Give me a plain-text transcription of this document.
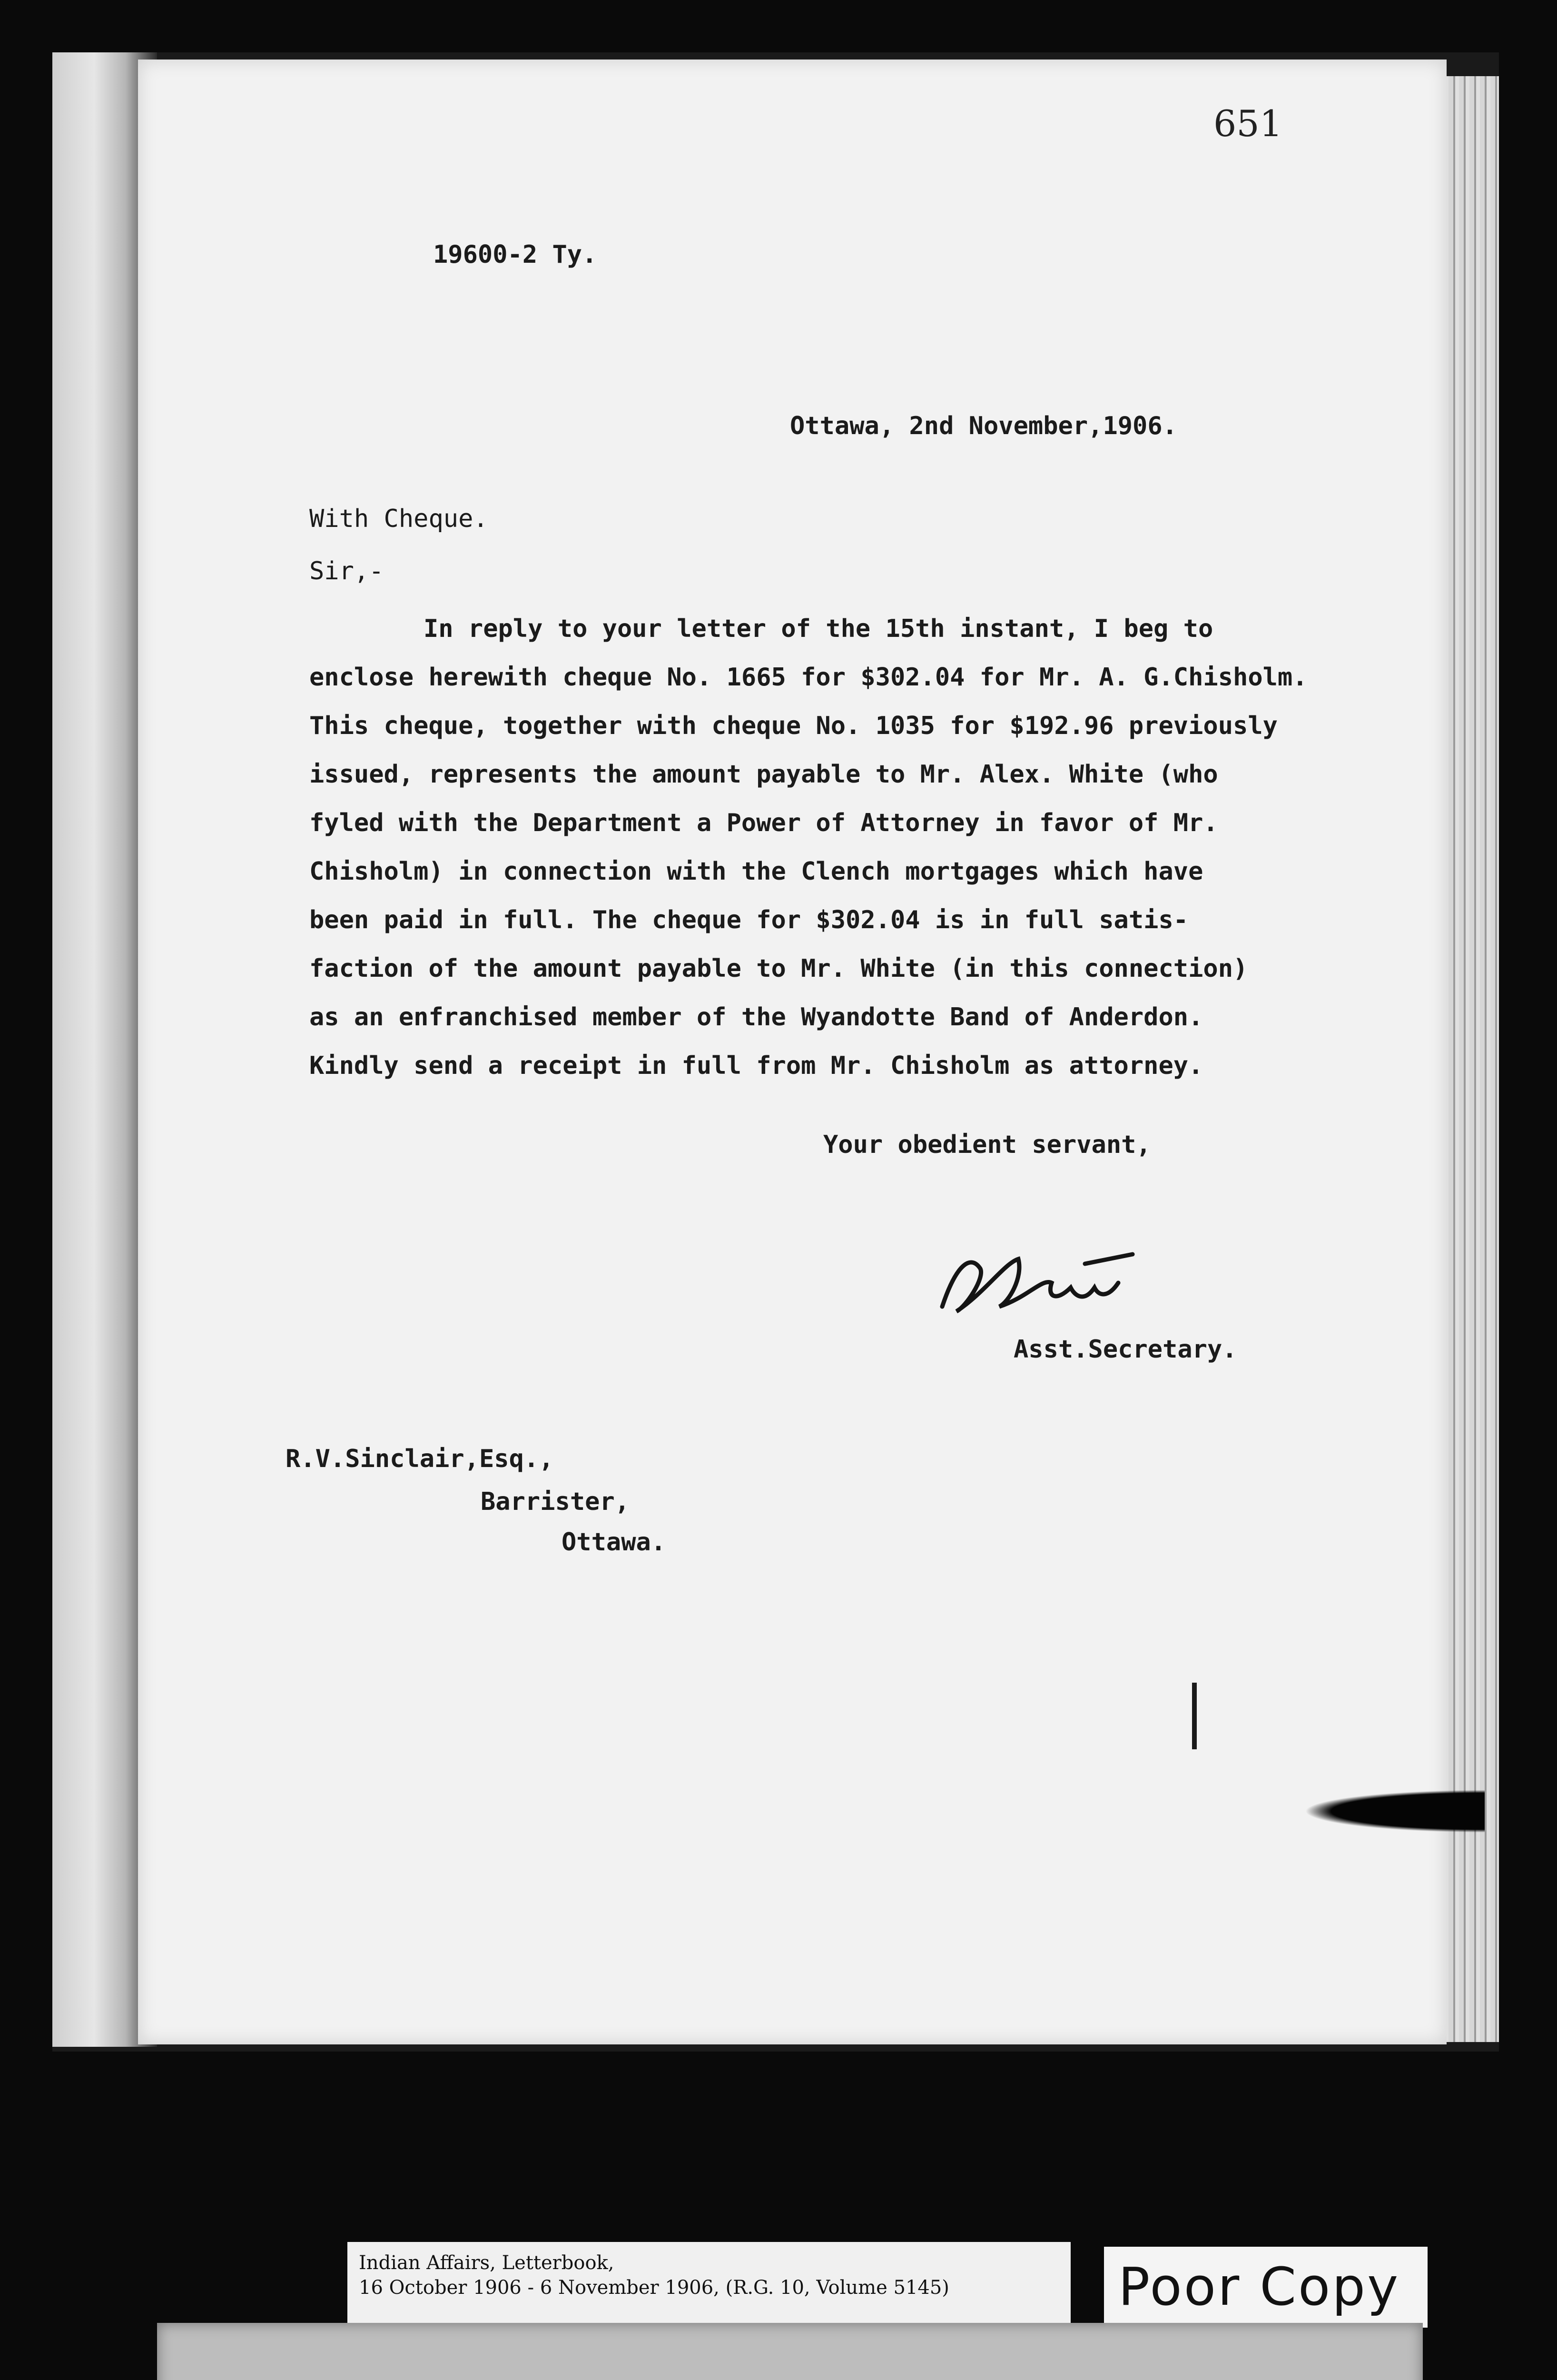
651
19600-2 Ty.
Ottawa, 2nd November,1906.
With Cheque.
Sir,-
In reply to your letter of the 15th instant, I beg to
enclose herewith cheque No. 1665 for $302.04 for Mr. A. G.Chisholm.
This cheque, together with cheque No. 1035 for $192.96 previously
issued, represents the amount payable to Mr. Alex. White (who
fyled with the Department a Power of Attorney in favor of Mr.
Chisholm) in connection with the Clench mortgages which have
been paid in full. The cheque for $302.04 is in full satis-
faction of the amount payable to Mr. White (in this connection)
as an enfranchised member of the Wyandotte Band of Anderdon.
Kindly send a receipt in full from Mr. Chisholm as attorney.
Your obedient servant,
Asst.Secretary.
R.V.Sinclair,Esq.,
Barrister,
Ottawa.
Indian Affairs, Letterbook,
16 October 1906 - 6 November 1906, (R.G. 10, Volume 5145)	Poor Copy
